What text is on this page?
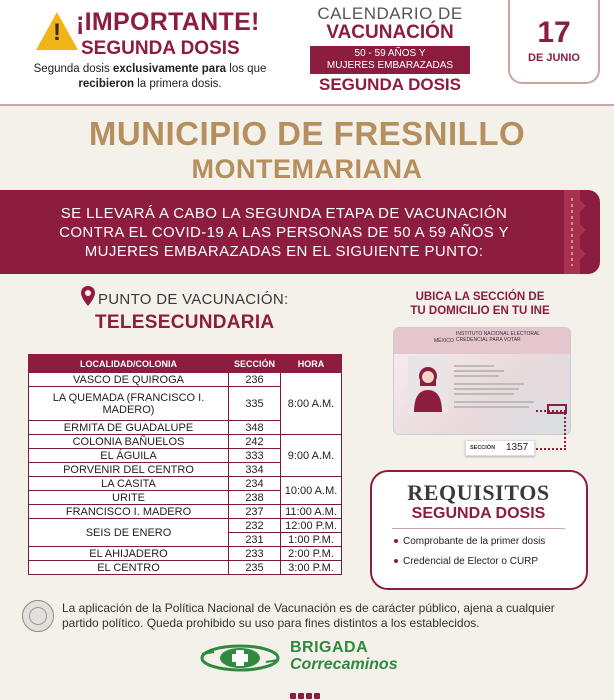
! ¡IMPORTANTE!
SEGUNDA DOSIS
Segunda dosis exclusivamente para los que
recibieron la primera dosis.
CALENDARIO DE
VACUNACIÓN
50 - 59 AÑOS Y
MUJERES EMBARAZADAS
SEGUNDA DOSIS
17
DE JUNIO
MUNICIPIO DE FRESNILLO
MONTEMARIANA
SE LLEVARÁ A CABO LA SEGUNDA ETAPA DE VACUNACIÓN
CONTRA EL COVID-19 A LAS PERSONAS DE 50 A 59 AÑOS Y
MUJERES EMBARAZADAS EN EL SIGUIENTE PUNTO:
PUNTO DE VACUNACIÓN:
TELESECUNDARIA
LOCALIDAD/COLONIA	SECCIÓN	HORA
VASCO DE QUIROGA	236	8:00 A.M.
LA QUEMADA (FRANCISCO I. MADERO)	335	
ERMITA DE GUADALUPE	348	
COLONIA BAÑUELOS	242	9:00 A.M.
EL ÁGUILA	333	
PORVENIR DEL CENTRO	334	
LA CASITA	234	10:00 A.M.
URITE	238	
FRANCISCO I. MADERO	237	11:00 A.M.
SEIS DE ENERO	232	12:00 P.M.
	231	1:00 P.M.
EL AHIJADERO	233	2:00 P.M.
EL CENTRO	235	3:00 P.M.
UBICA LA SECCIÓN DE
TU DOMICILIO EN TU INE
MÉXICO
INSTITUTO NACIONAL ELECTORAL
CREDENCIAL PARA VOTAR
SECCIÓN 1357
REQUISITOS
SEGUNDA DOSIS
Comprobante de la primer dosis
Credencial de Elector o CURP
La aplicación de la Política Nacional de Vacunación es de carácter público, ajena a cualquier partido político. Queda prohibido su uso para fines distintos a los establecidos.
BRIGADA
Correcaminos
